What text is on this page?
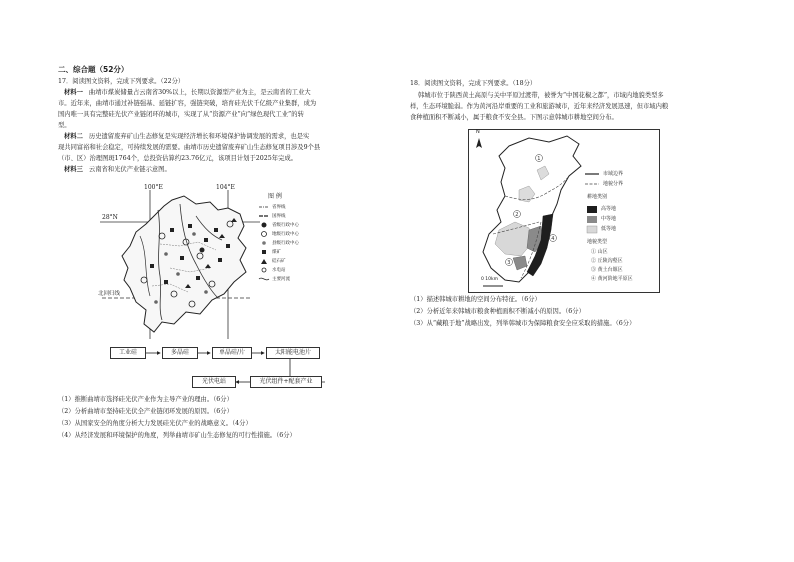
二、综合题（52分）
17．阅读图文资料，完成下列要求。（22分）
材料一 曲靖市煤炭储量占云南省30%以上，长期以资源型产业为主，是云南省的工业大
市。近年来，曲靖市通过补链强基、延链扩容，强链突破，培育硅光伏千亿级产业集群，成为
国内唯一具有完整硅光伏产业链闭环的城市，实现了从“资源产业”向“绿色现代工业”的转
型。
材料二 历史遗留废弃矿山生态修复是实现经济增长和环境保护协调发展的需求，也是实
现共同富裕和社会稳定，可持续发展的需要。曲靖市历史遗留废弃矿山生态修复项目涉及9个县
（市、区）治理图斑1764个，总投资估算约23.76亿元，该项目计划于2025年完成。
材料三 云南省和光伏产业链示意图。
100°E	104°E
28°N
北回归线
图 例
省界线
国界线
省级行政中心
地级行政中心
县级行政中心
煤矿
硅石矿
水电站
主要河流
工业硅	多晶硅	单晶硅/片	太阳能电池片
光伏组件+配套产业
光伏电站
（1）推断曲靖市选择硅光伏产业作为主导产业的理由。（6分）
（2）分析曲靖市坚持硅光伏全产业链闭环发展的原因。（6分）
（3）从国家安全的角度分析大力发展硅光伏产业的战略意义。（4分）
（4）从经济发展和环境保护的角度，列举曲靖市矿山生态修复的可行性措施。（6分）
18．阅读图文资料，完成下列要求。（18分）
韩城市位于陕西黄土高原与关中平原过渡带，被誉为“中国花椒之都”，市域内地貌类型多
样，生态环境脆弱。作为黄河沿岸重要的工业和旅游城市，近年来经济发展迅速，但市域内粮
食种植面积不断减小，属于粮食不安全县。下图示意韩城市耕地空间分布。
1
2
3
4
N
0 10km
市域边界
地貌分界
耕地类别
高等地
中等地
低等地
地貌类型
① 山区
② 丘陵沟壑区
③ 黄土台塬区
④ 黄河阶地平原区
（1）描述韩城市耕地的空间分布特征。（6分）
（2）分析近年来韩城市粮食种植面积不断减小的原因。（6分）
（3）从“藏粮于地”战略出发，列举韩城市为保障粮食安全应采取的措施。（6分）
